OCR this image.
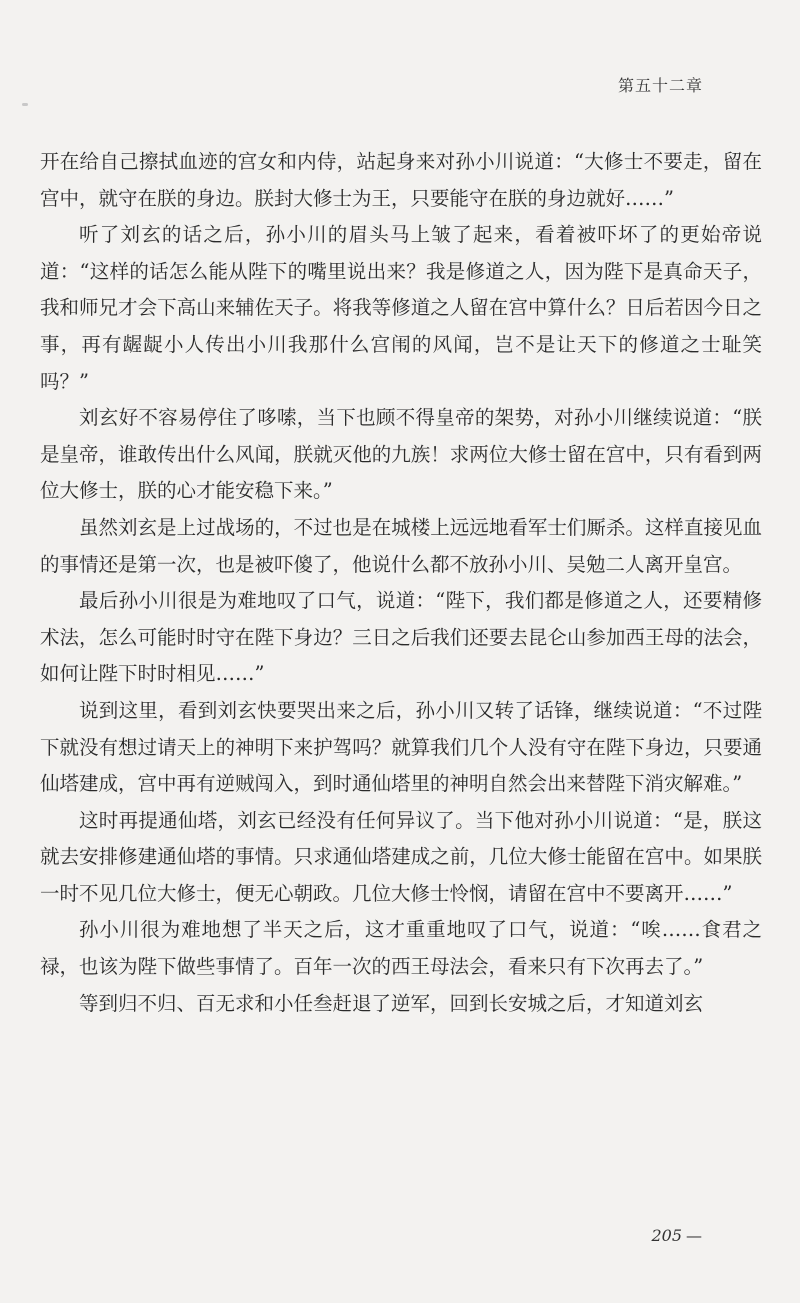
第五十二章

开在给自己擦拭血迹的宫女和内侍，站起身来对孙小川说道：“大修士不要走，留在宫中，就守在朕的身边。朕封大修士为王，只要能守在朕的身边就好……”

听了刘玄的话之后，孙小川的眉头马上皱了起来，看着被吓坏了的更始帝说道：“这样的话怎么能从陛下的嘴里说出来？我是修道之人，因为陛下是真命天子，我和师兄才会下高山来辅佐天子。将我等修道之人留在宫中算什么？日后若因今日之事，再有龌龊小人传出小川我那什么宫闱的风闻，岂不是让天下的修道之士耻笑吗？”

刘玄好不容易停住了哆嗦，当下也顾不得皇帝的架势，对孙小川继续说道：“朕是皇帝，谁敢传出什么风闻，朕就灭他的九族！求两位大修士留在宫中，只有看到两位大修士，朕的心才能安稳下来。”

虽然刘玄是上过战场的，不过也是在城楼上远远地看军士们厮杀。这样直接见血的事情还是第一次，也是被吓傻了，他说什么都不放孙小川、吴勉二人离开皇宫。

最后孙小川很是为难地叹了口气，说道：“陛下，我们都是修道之人，还要精修术法，怎么可能时时守在陛下身边？三日之后我们还要去昆仑山参加西王母的法会，如何让陛下时时相见……”

说到这里，看到刘玄快要哭出来之后，孙小川又转了话锋，继续说道：“不过陛下就没有想过请天上的神明下来护驾吗？就算我们几个人没有守在陛下身边，只要通仙塔建成，宫中再有逆贼闯入，到时通仙塔里的神明自然会出来替陛下消灾解难。”

这时再提通仙塔，刘玄已经没有任何异议了。当下他对孙小川说道：“是，朕这就去安排修建通仙塔的事情。只求通仙塔建成之前，几位大修士能留在宫中。如果朕一时不见几位大修士，便无心朝政。几位大修士怜悯，请留在宫中不要离开……”

孙小川很为难地想了半天之后，这才重重地叹了口气，说道：“唉……食君之禄，也该为陛下做些事情了。百年一次的西王母法会，看来只有下次再去了。”

等到归不归、百无求和小任叁赶退了逆军，回到长安城之后，才知道刘玄

205 —
